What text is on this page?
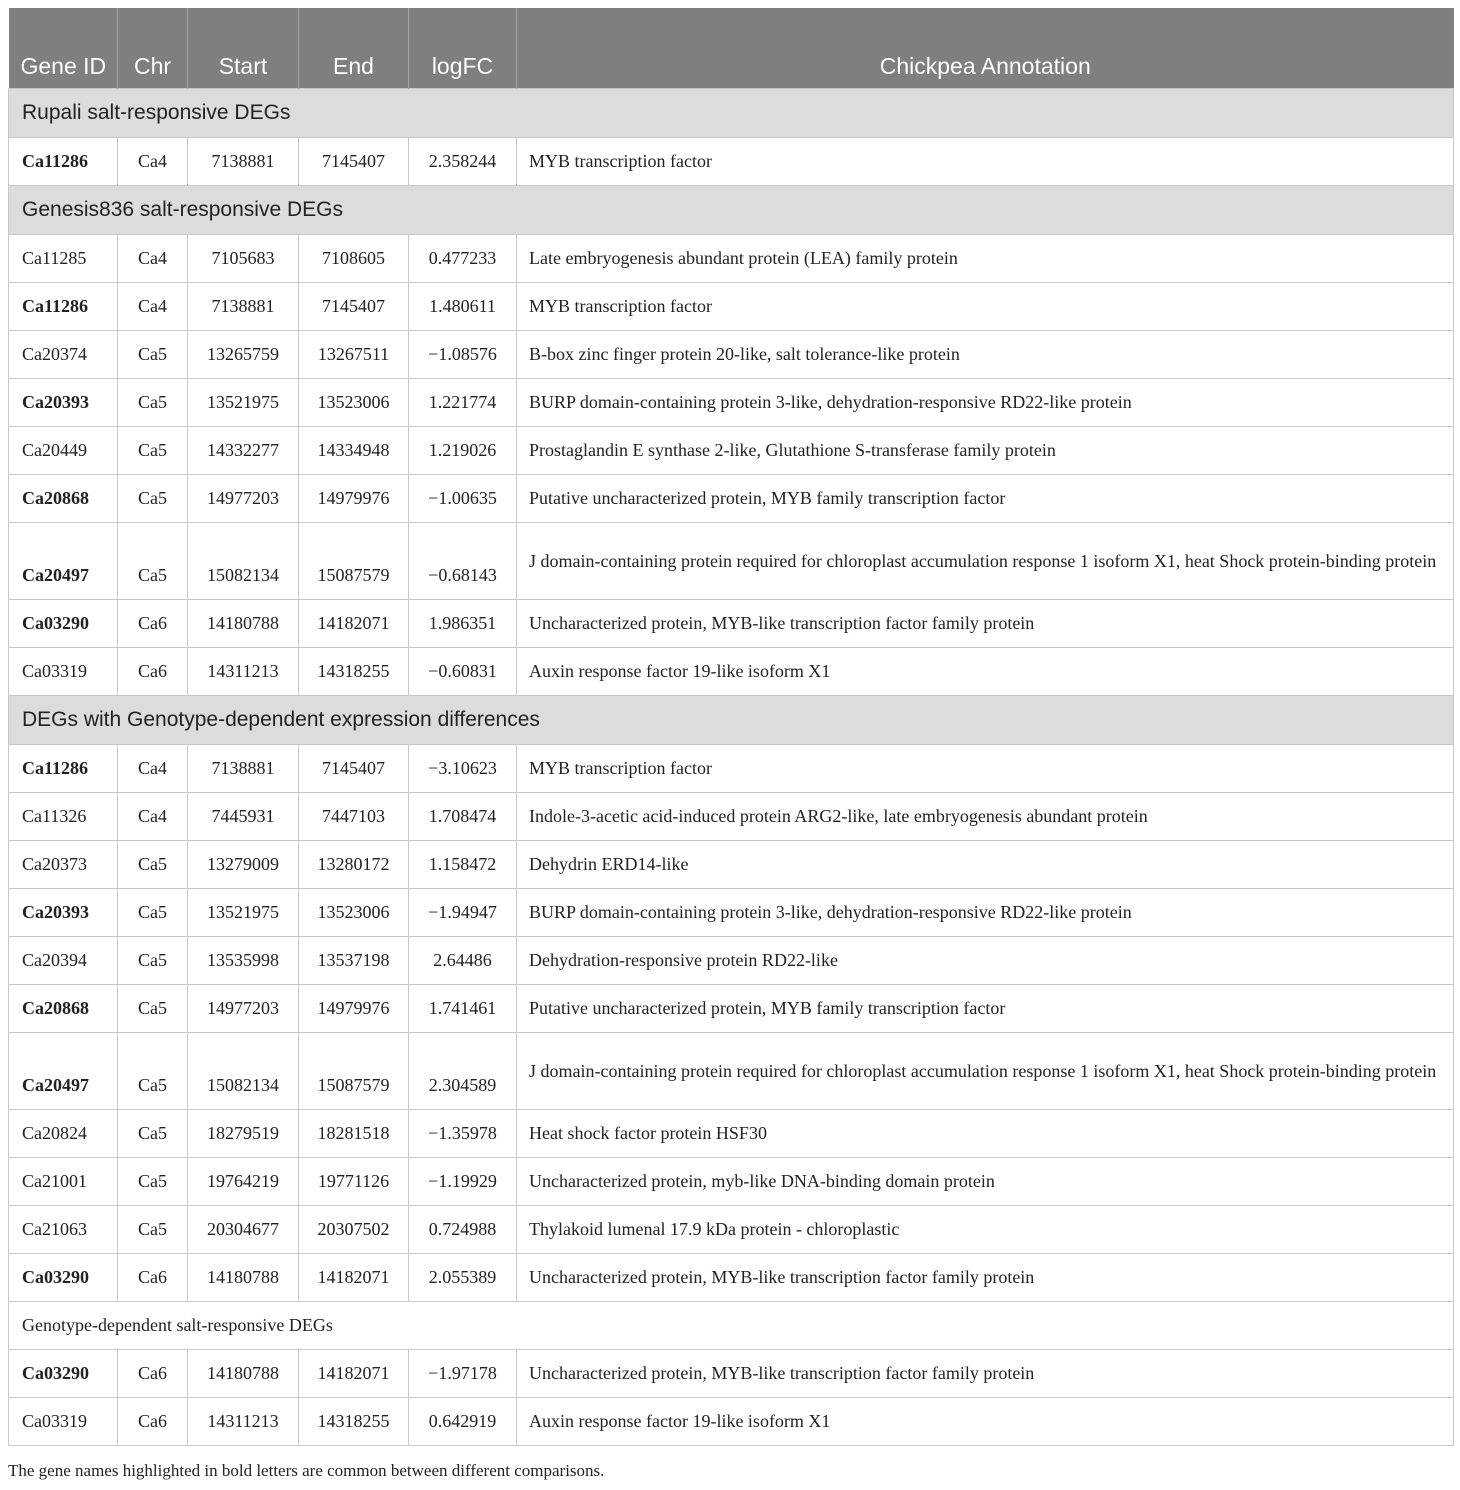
Gene ID	Chr	Start	End	logFC	Chickpea Annotation
Rupali salt-responsive DEGs					
Ca11286	Ca4	7138881	7145407	2.358244	MYB transcription factor
Genesis836 salt-responsive DEGs					
Ca11285	Ca4	7105683	7108605	0.477233	Late embryogenesis abundant protein (LEA) family protein
Ca11286	Ca4	7138881	7145407	1.480611	MYB transcription factor
Ca20374	Ca5	13265759	13267511	−1.08576	B-box zinc finger protein 20-like, salt tolerance-like protein
Ca20393	Ca5	13521975	13523006	1.221774	BURP domain-containing protein 3-like, dehydration-responsive RD22-like protein
Ca20449	Ca5	14332277	14334948	1.219026	Prostaglandin E synthase 2-like, Glutathione S-transferase family protein
Ca20868	Ca5	14977203	14979976	−1.00635	Putative uncharacterized protein, MYB family transcription factor
Ca20497	Ca5	15082134	15087579	−0.68143	J domain-containing protein required for chloroplast accumulation response 1 isoform X1, heat Shock protein-binding protein
Ca03290	Ca6	14180788	14182071	1.986351	Uncharacterized protein, MYB-like transcription factor family protein
Ca03319	Ca6	14311213	14318255	−0.60831	Auxin response factor 19-like isoform X1
DEGs with Genotype-dependent expression differences					
Ca11286	Ca4	7138881	7145407	−3.10623	MYB transcription factor
Ca11326	Ca4	7445931	7447103	1.708474	Indole-3-acetic acid-induced protein ARG2-like, late embryogenesis abundant protein
Ca20373	Ca5	13279009	13280172	1.158472	Dehydrin ERD14-like
Ca20393	Ca5	13521975	13523006	−1.94947	BURP domain-containing protein 3-like, dehydration-responsive RD22-like protein
Ca20394	Ca5	13535998	13537198	2.64486	Dehydration-responsive protein RD22-like
Ca20868	Ca5	14977203	14979976	1.741461	Putative uncharacterized protein, MYB family transcription factor
Ca20497	Ca5	15082134	15087579	2.304589	J domain-containing protein required for chloroplast accumulation response 1 isoform X1, heat Shock protein-binding protein
Ca20824	Ca5	18279519	18281518	−1.35978	Heat shock factor protein HSF30
Ca21001	Ca5	19764219	19771126	−1.19929	Uncharacterized protein, myb-like DNA-binding domain protein
Ca21063	Ca5	20304677	20307502	0.724988	Thylakoid lumenal 17.9 kDa protein - chloroplastic
Ca03290	Ca6	14180788	14182071	2.055389	Uncharacterized protein, MYB-like transcription factor family protein
Genotype-dependent salt-responsive DEGs					
Ca03290	Ca6	14180788	14182071	−1.97178	Uncharacterized protein, MYB-like transcription factor family protein
Ca03319	Ca6	14311213	14318255	0.642919	Auxin response factor 19-like isoform X1
The gene names highlighted in bold letters are common between different comparisons.
